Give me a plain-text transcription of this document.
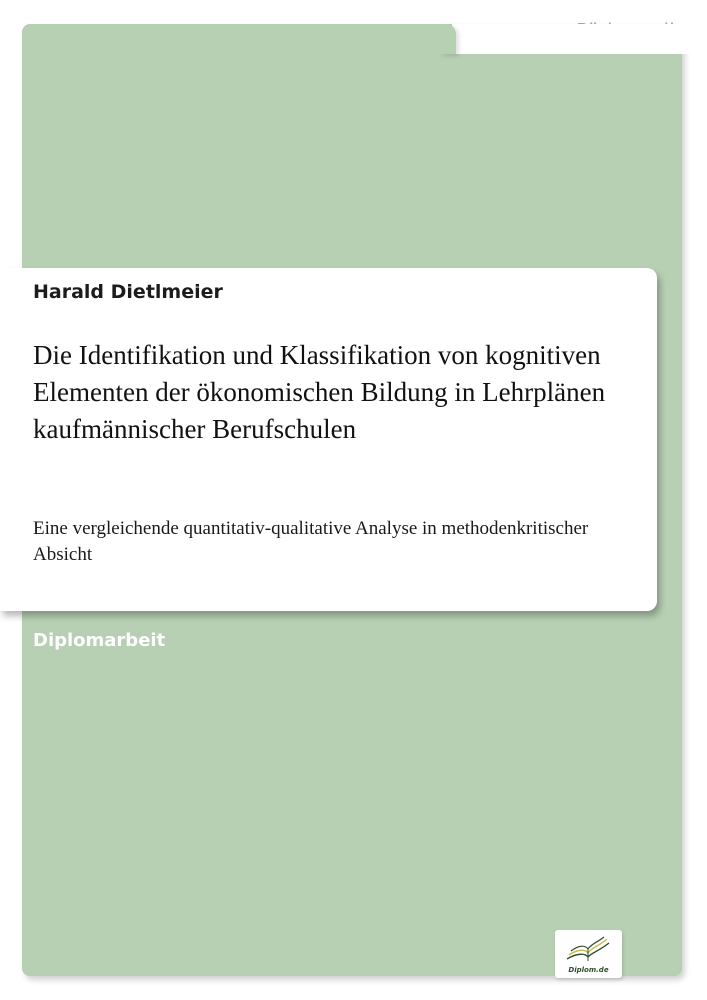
Harald Dietlmeier
Die Identifikation und Klassifikation von kognitiven Elementen der ökonomischen Bildung in Lehrplänen kaufmännischer Berufschulen

Eine vergleichende quantitativ-qualitative Analyse in methodenkritischer Absicht

Diplomarbeit
Diplom.de
